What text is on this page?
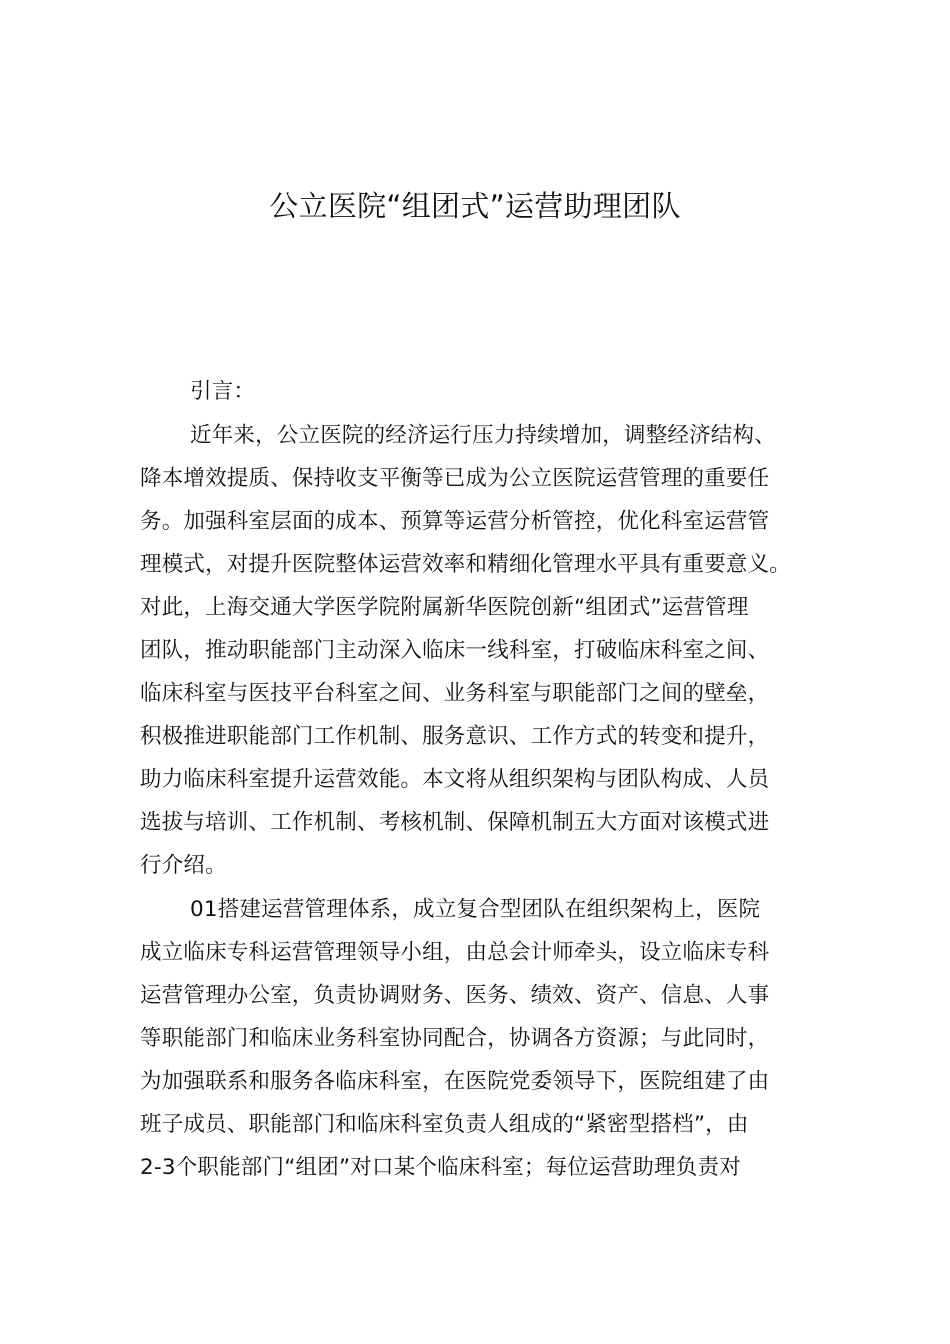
公立医院“组团式”运营助理团队
引言：
近年来，公立医院的经济运行压力持续增加，调整经济结构、
降本增效提质、保持收支平衡等已成为公立医院运营管理的重要任
务。加强科室层面的成本、预算等运营分析管控，优化科室运营管
理模式，对提升医院整体运营效率和精细化管理水平具有重要意义。
对此，上海交通大学医学院附属新华医院创新“组团式”运营管理
团队，推动职能部门主动深入临床一线科室，打破临床科室之间、
临床科室与医技平台科室之间、业务科室与职能部门之间的壁垒，
积极推进职能部门工作机制、服务意识、工作方式的转变和提升，
助力临床科室提升运营效能。本文将从组织架构与团队构成、人员
选拔与培训、工作机制、考核机制、保障机制五大方面对该模式进
行介绍。
01搭建运营管理体系，成立复合型团队在组织架构上，医院
成立临床专科运营管理领导小组，由总会计师牵头，设立临床专科
运营管理办公室，负责协调财务、医务、绩效、资产、信息、人事
等职能部门和临床业务科室协同配合，协调各方资源；与此同时，
为加强联系和服务各临床科室，在医院党委领导下，医院组建了由
班子成员、职能部门和临床科室负责人组成的“紧密型搭档”，由
2-3个职能部门“组团”对口某个临床科室；每位运营助理负责对
